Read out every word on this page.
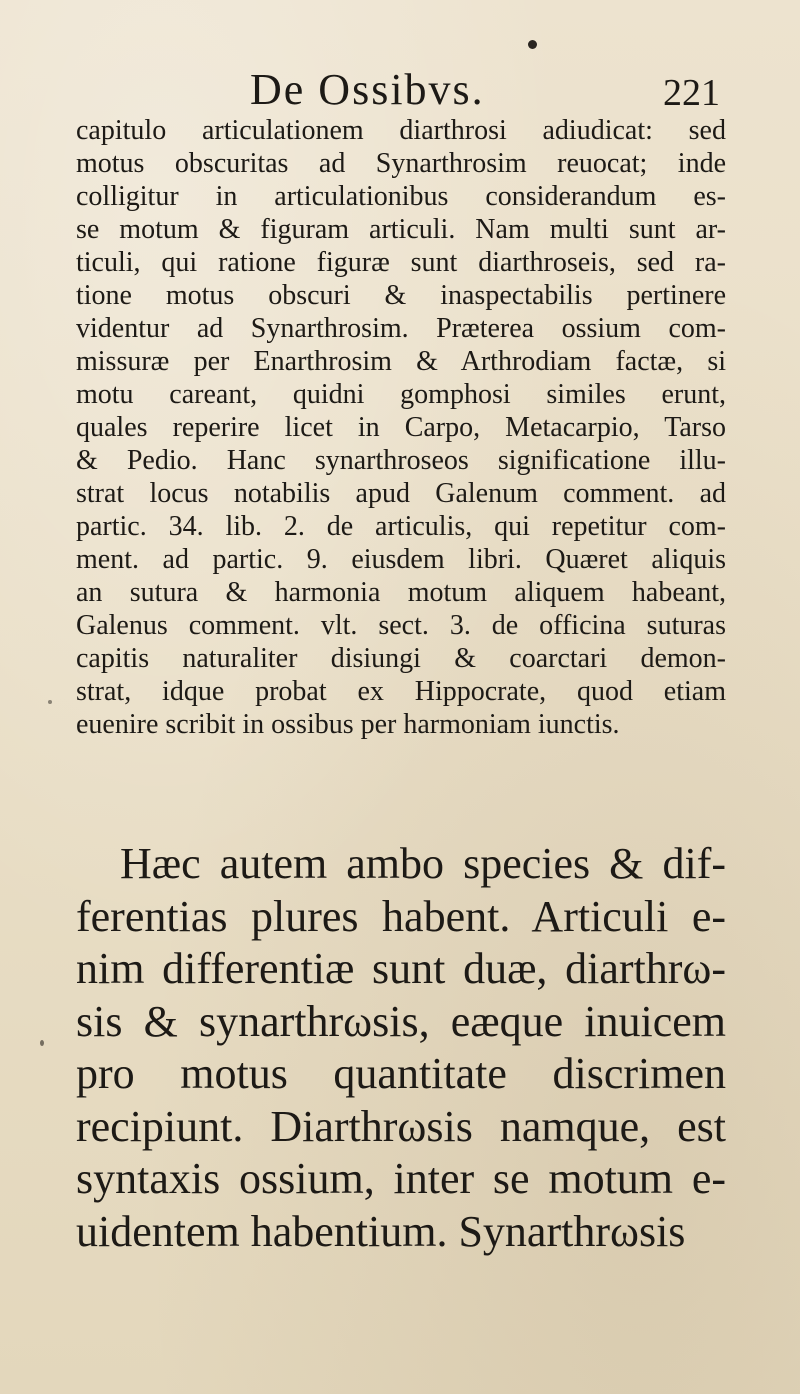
De Ossibvs.	221
capitulo articulationem diarthrosi adiudicat: sed
motus obscuritas ad Synarthrosim reuocat; inde
colligitur in articulationibus considerandum es-
se motum & figuram articuli. Nam multi sunt ar-
ticuli, qui ratione figuræ sunt diarthroseis, sed ra-
tione motus obscuri & inaspectabilis pertinere
videntur ad Synarthrosim. Præterea ossium com-
missuræ per Enarthrosim & Arthrodiam factæ, si
motu careant, quidni gomphosi similes erunt,
quales reperire licet in Carpo, Metacarpio, Tarso
& Pedio. Hanc synarthroseos significatione illu-
strat locus notabilis apud Galenum comment. ad
partic. 34. lib. 2. de articulis, qui repetitur com-
ment. ad partic. 9. eiusdem libri. Quæret aliquis
an sutura & harmonia motum aliquem habeant,
Galenus comment. vlt. sect. 3. de officina suturas
capitis naturaliter disiungi & coarctari demon-
strat, idque probat ex Hippocrate, quod etiam
euenire scribit in ossibus per harmoniam iunctis.
Hæc autem ambo species & dif-
ferentias plures habent. Articuli e-
nim differentiæ sunt duæ, diarthrω-
sis & synarthrωsis, eæque inuicem
pro motus quantitate discrimen
recipiunt. Diarthrωsis namque, est
syntaxis ossium, inter se motum e-
uidentem habentium. Synarthrωsis
